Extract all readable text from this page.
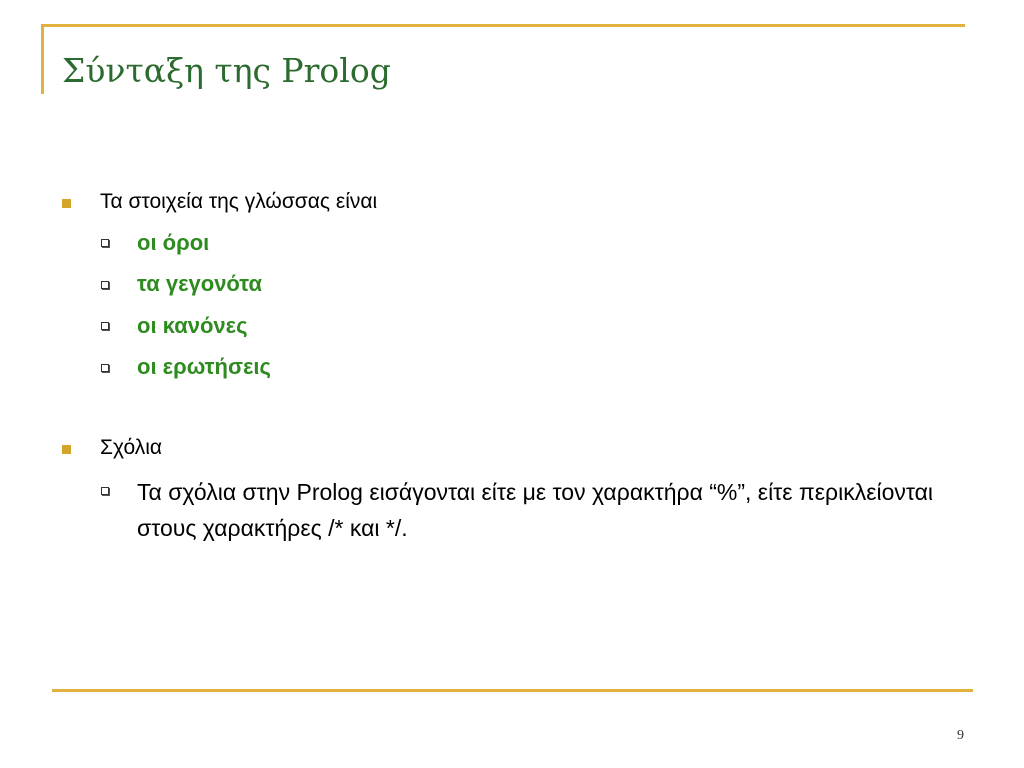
Σύνταξη της Prolog
Τα στοιχεία της γλώσσας είναι
οι όροι
τα γεγονότα
οι κανόνες
οι ερωτήσεις
Σχόλια
Τα σχόλια στην Prolog εισάγονται είτε με τον χαρακτήρα “%”, είτε περικλείονται στους χαρακτήρες /* και */.
9
